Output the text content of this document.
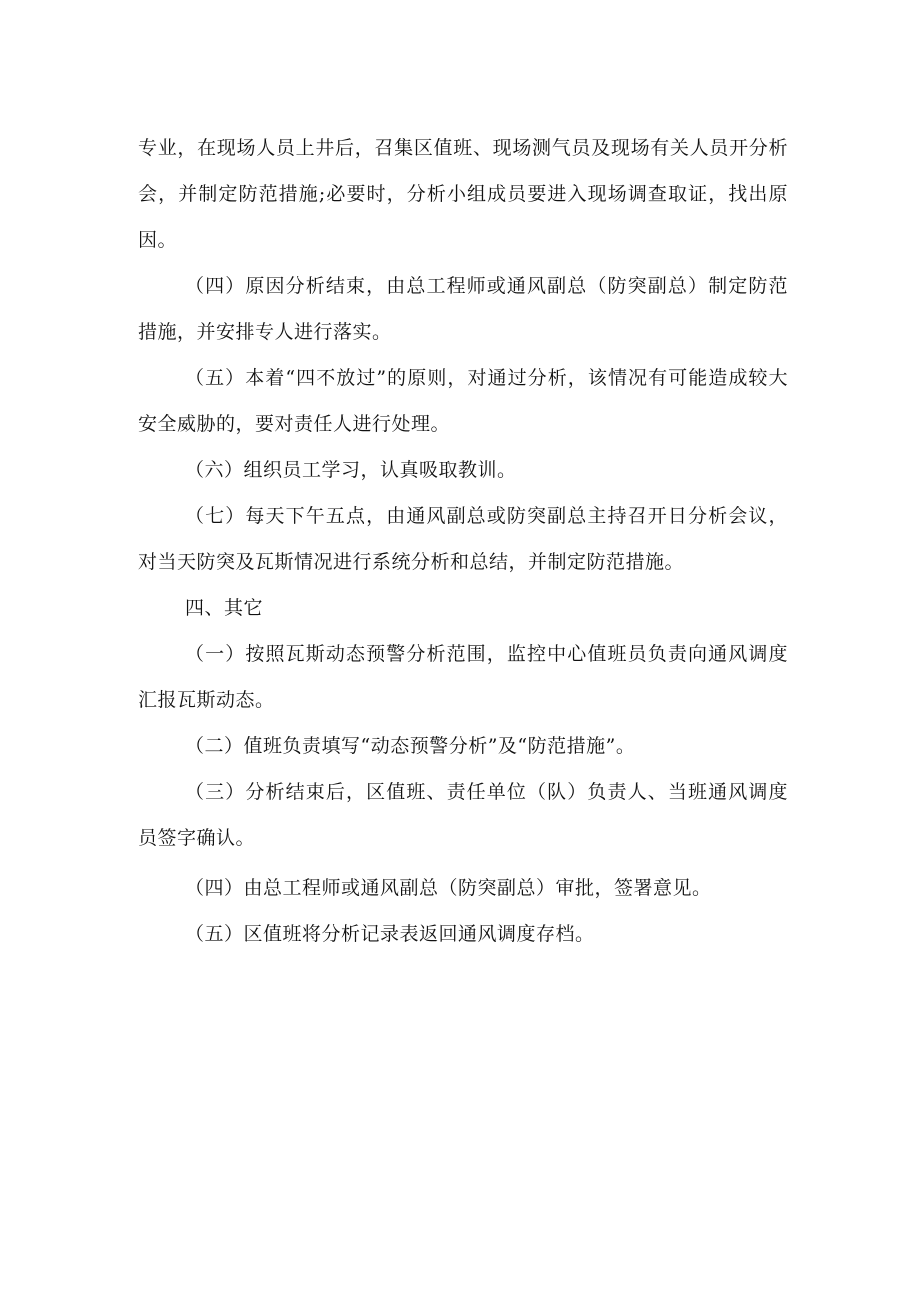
专业，在现场人员上井后，召集区值班、现场测气员及现场有关人员开分析会，并制定防范措施;必要时，分析小组成员要进入现场调查取证，找出原因。

（四）原因分析结束，由总工程师或通风副总（防突副总）制定防范措施，并安排专人进行落实。

（五）本着“四不放过”的原则，对通过分析，该情况有可能造成较大安全威胁的，要对责任人进行处理。

（六）组织员工学习，认真吸取教训。

（七）每天下午五点，由通风副总或防突副总主持召开日分析会议，对当天防突及瓦斯情况进行系统分析和总结，并制定防范措施。

四、其它

（一）按照瓦斯动态预警分析范围，监控中心值班员负责向通风调度汇报瓦斯动态。

（二）值班负责填写“动态预警分析”及“防范措施”。

（三）分析结束后，区值班、责任单位（队）负责人、当班通风调度员签字确认。

（四）由总工程师或通风副总（防突副总）审批，签署意见。

（五）区值班将分析记录表返回通风调度存档。
